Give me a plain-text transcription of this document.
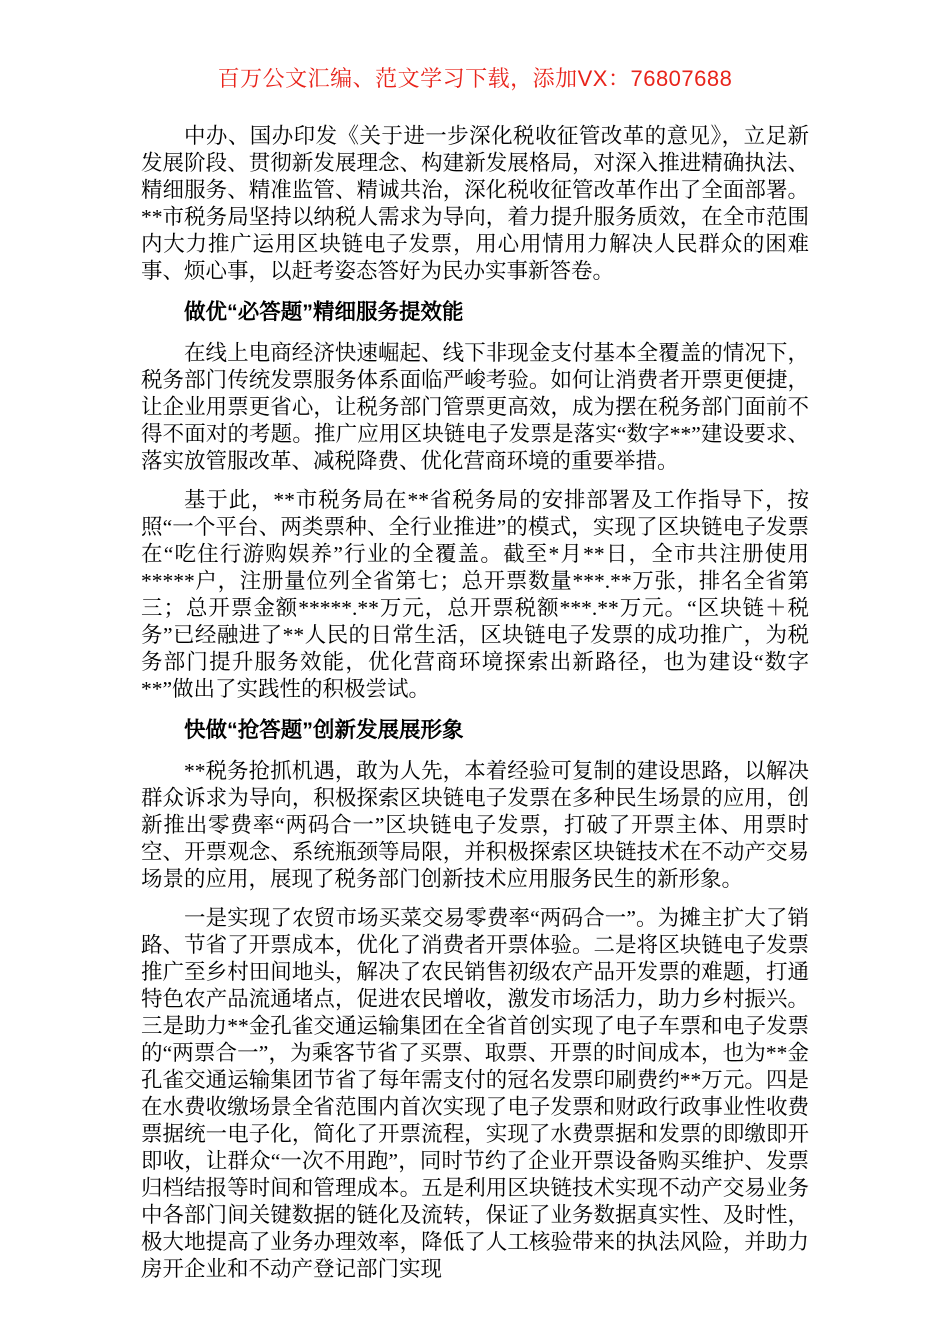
百万公文汇编、范文学习下载，添加VX：76807688

中办、国办印发《关于进一步深化税收征管改革的意见》，立足新发展阶段、贯彻新发展理念、构建新发展格局，对深入推进精确执法、精细服务、精准监管、精诚共治，深化税收征管改革作出了全面部署。**市税务局坚持以纳税人需求为导向，着力提升服务质效，在全市范围内大力推广运用区块链电子发票，用心用情用力解决人民群众的困难事、烦心事，以赶考姿态答好为民办实事新答卷。

做优“必答题”精细服务提效能

在线上电商经济快速崛起、线下非现金支付基本全覆盖的情况下，税务部门传统发票服务体系面临严峻考验。如何让消费者开票更便捷，让企业用票更省心，让税务部门管票更高效，成为摆在税务部门面前不得不面对的考题。推广应用区块链电子发票是落实“数字**”建设要求、落实放管服改革、减税降费、优化营商环境的重要举措。

基于此，**市税务局在**省税务局的安排部署及工作指导下，按照“一个平台、两类票种、全行业推进”的模式，实现了区块链电子发票在“吃住行游购娱养”行业的全覆盖。截至*月**日，全市共注册使用*****户，注册量位列全省第七；总开票数量***.**万张，排名全省第三；总开票金额*****.**万元，总开票税额***.**万元。“区块链＋税务”已经融进了**人民的日常生活，区块链电子发票的成功推广，为税务部门提升服务效能，优化营商环境探索出新路径，也为建设“数字**”做出了实践性的积极尝试。

快做“抢答题”创新发展展形象

**税务抢抓机遇，敢为人先，本着经验可复制的建设思路，以解决群众诉求为导向，积极探索区块链电子发票在多种民生场景的应用，创新推出零费率“两码合一”区块链电子发票，打破了开票主体、用票时空、开票观念、系统瓶颈等局限，并积极探索区块链技术在不动产交易场景的应用，展现了税务部门创新技术应用服务民生的新形象。

一是实现了农贸市场买菜交易零费率“两码合一”。为摊主扩大了销路、节省了开票成本，优化了消费者开票体验。二是将区块链电子发票推广至乡村田间地头，解决了农民销售初级农产品开发票的难题，打通特色农产品流通堵点，促进农民增收，激发市场活力，助力乡村振兴。三是助力**金孔雀交通运输集团在全省首创实现了电子车票和电子发票的“两票合一”，为乘客节省了买票、取票、开票的时间成本，也为**金孔雀交通运输集团节省了每年需支付的冠名发票印刷费约**万元。四是在水费收缴场景全省范围内首次实现了电子发票和财政行政事业性收费票据统一电子化，简化了开票流程，实现了水费票据和发票的即缴即开即收，让群众“一次不用跑”，同时节约了企业开票设备购买维护、发票归档结报等时间和管理成本。五是利用区块链技术实现不动产交易业务中各部门间关键数据的链化及流转，保证了业务数据真实性、及时性，极大地提高了业务办理效率，降低了人工核验带来的执法风险，并助力房开企业和不动产登记部门实现
